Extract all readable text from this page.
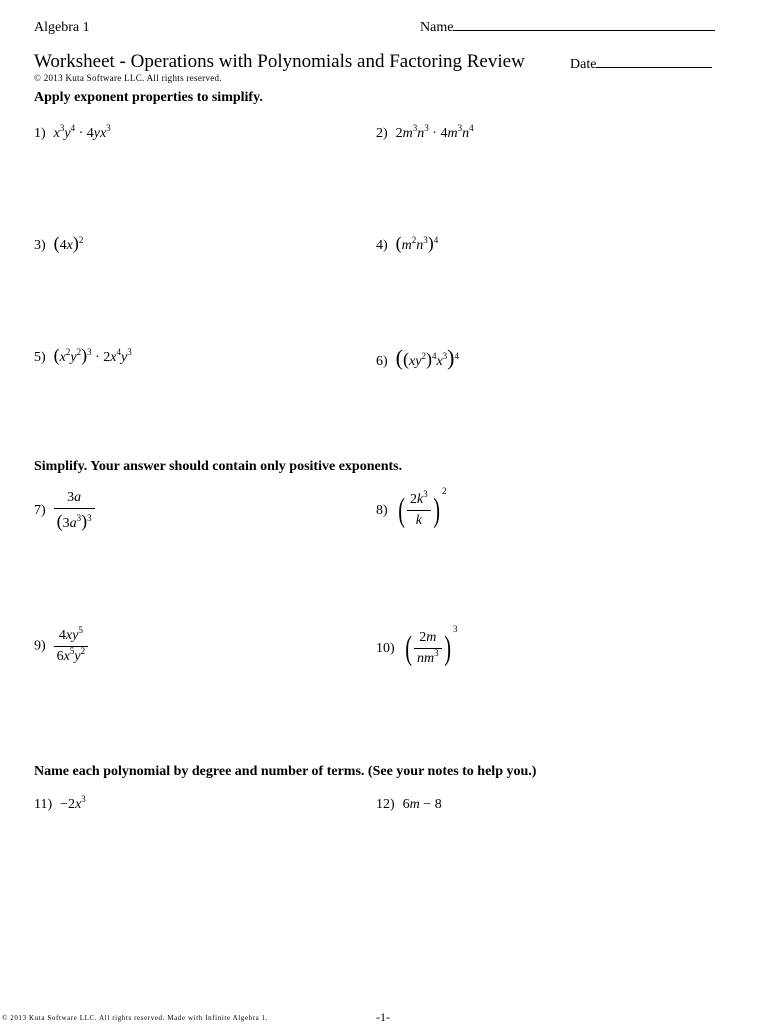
Algebra 1	Name
Worksheet - Operations with Polynomials and Factoring Review	Date
© 2013 Kuta Software LLC. All rights reserved.
Apply exponent properties to simplify.
1) $x^3y^4 \cdot 4yx^3$	2) $2m^3n^3 \cdot 4m^3n^4$
3) $(4x)^2$	4) $(m^2n^3)^4$
5) $(x^2y^2)^3 \cdot 2x^4y^3$
6) $((xy^2)^4x^3)^4$
Simplify. Your answer should contain only positive exponents.
$7) \frac{3a}{(3a^3)^3}$	8) ( $\frac{2k^3}{k} )^2$
$9) \frac{4xy^5}{6x^5y^2}$	10) ( $\frac{2m}{nm^3} )^3$
Name each polynomial by degree and number of terms. (See your notes to help you.)
$11) -2x^3$	12) 6m − 8
© 2013 Kuta Software LLC. All rights reserved. Made with Infinite Algebra 1.	-1-
